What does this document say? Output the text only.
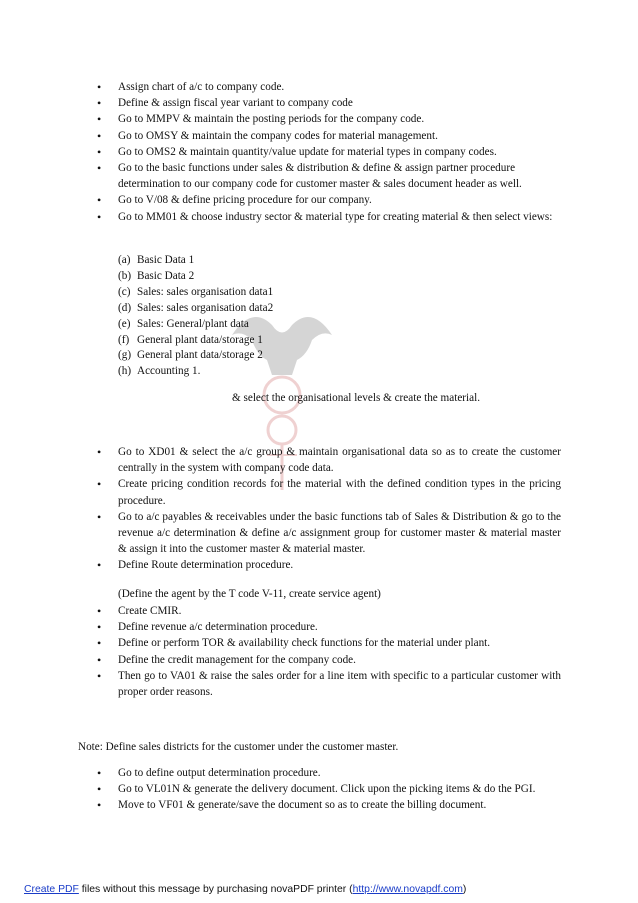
• Assign chart of a/c to company code.
• Define & assign fiscal year variant to company code
• Go to MMPV & maintain the posting periods for the company code.
• Go to OMSY & maintain the company codes for material management.
• Go to OMS2 & maintain quantity/value update for material types in company codes.
• Go to the basic functions under sales & distribution & define & assign partner procedure determination to our company code for customer master & sales document header as well.
• Go to V/08 & define pricing procedure for our company.
• Go to MM01 & choose industry sector & material type for creating material & then select views:
(a) Basic Data 1
(b) Basic Data 2
(c) Sales: sales organisation data1
(d) Sales: sales organisation data2
(e) Sales: General/plant data
(f) General plant data/storage 1
(g) General plant data/storage 2
(h) Accounting 1.
& select the organisational levels & create the material.
• Go to XD01 & select the a/c group & maintain organisational data so as to create the customer centrally in the system with company code data.
• Create pricing condition records for the material with the defined condition types in the pricing procedure.
• Go to a/c payables & receivables under the basic functions tab of Sales & Distribution & go to the revenue a/c determination & define a/c assignment group for customer master & material master & assign it into the customer master & material master.
• Define Route determination procedure.
(Define the agent by the T code V-11, create service agent)
• Create CMIR.
• Define revenue a/c determination procedure.
• Define or perform TOR & availability check functions for the material under plant.
• Define the credit management for the company code.
• Then go to VA01 & raise the sales order for a line item with specific to a particular customer with proper order reasons.
Note: Define sales districts for the customer under the customer master.
• Go to define output determination procedure.
• Go to VL01N & generate the delivery document. Click upon the picking items & do the PGI.
• Move to VF01 & generate/save the document so as to create the billing document.
Create PDF files without this message by purchasing novaPDF printer (http://www.novapdf.com)
